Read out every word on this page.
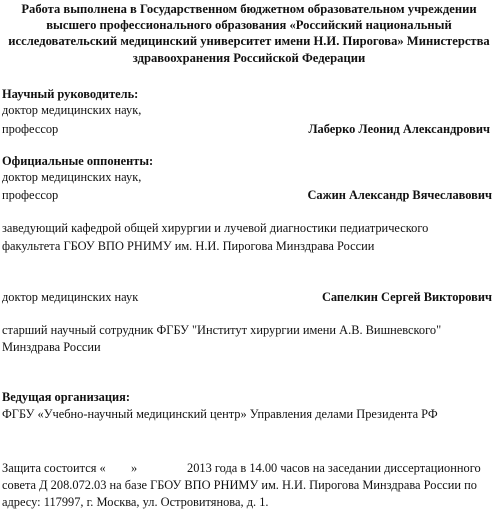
Работа выполнена в Государственном бюджетном образовательном учреждении
высшего профессионального образования «Российский национальный
исследовательский медицинский университет имени Н.И. Пирогова» Министерства
здравоохранения Российской Федерации
Научный руководитель:
доктор медицинских наук,
профессор	Лаберко Леонид Александрович
Официальные оппоненты:
доктор медицинских наук,
профессор	Сажин Александр Вячеславович
заведующий кафедрой общей хирургии и лучевой диагностики педиатрического
факультета ГБОУ ВПО РНИМУ им. Н.И. Пирогова Минздрава России
доктор медицинских наук	Сапелкин Сергей Викторович
старший научный сотрудник ФГБУ "Институт хирургии имени А.В. Вишневского"
Минздрава России
Ведущая организация:
ФГБУ «Учебно-научный медицинский центр» Управления делами Президента РФ
Защита состоится « »	2013 года в 14.00 часов на заседании диссертационного
совета Д 208.072.03 на базе ГБОУ ВПО РНИМУ им. Н.И. Пирогова Минздрава России по
адресу: 117997, г. Москва, ул. Островитянова, д. 1.
